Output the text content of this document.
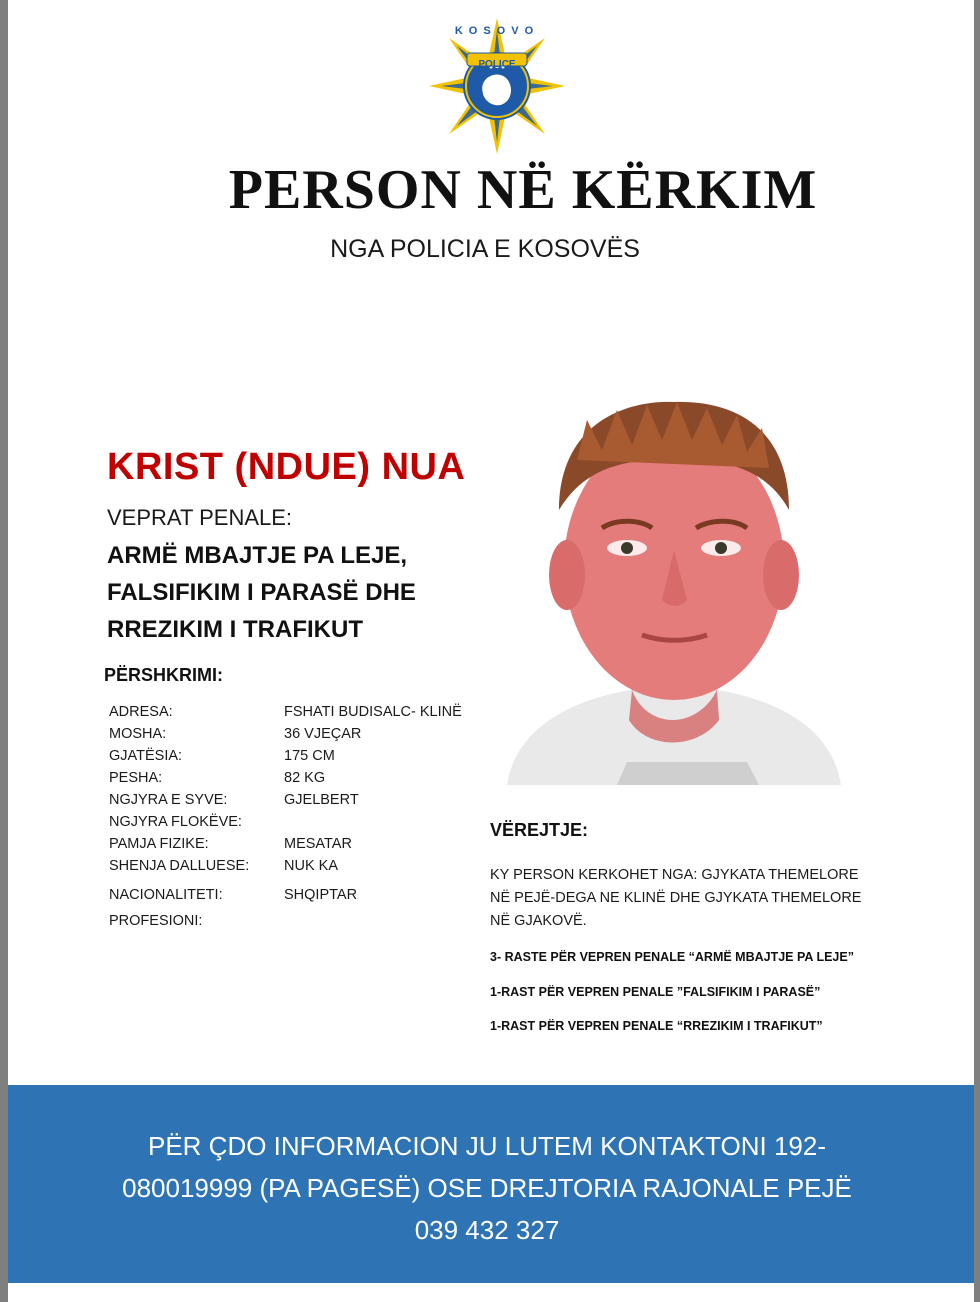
POLICE
KOSOVO
PERSON NË KËRKIM

NGA POLICIA E KOSOVËS

KRIST (NDUE) NUA
VEPRAT PENALE:
ARMË MBAJTJE PA LEJE,
FALSIFIKIM I PARASË DHE
RREZIKIM I TRAFIKUT
PËRSHKRIMI:
ADRESA:	FSHATI BUDISALC- KLINË
MOSHA:	36 VJEÇAR
GJATËSIA:	175 CM
PESHA:	82 KG
NGJYRA E SYVE:	GJELBERT
NGJYRA FLOKËVE:
PAMJA FIZIKE:	MESATAR
SHENJA DALLUESE: NUK KA
NACIONALITETI:	SHQIPTAR
PROFESIONI:
VËREJTJE:
KY PERSON KERKOHET NGA: GJYKATA THEMELORE
NË PEJË-DEGA NE KLINË DHE GJYKATA THEMELORE
NË GJAKOVË.
3- RASTE PËR VEPREN PENALE “ARMË MBAJTJE PA LEJE”
1-RAST PËR VEPREN PENALE ”FALSIFIKIM I PARASË”
1-RAST PËR VEPREN PENALE “RREZIKIM I TRAFIKUT”
PËR ÇDO INFORMACION JU LUTEM KONTAKTONI 192-
080019999 (PA PAGESË) OSE DREJTORIA RAJONALE PEJË
039 432 327
